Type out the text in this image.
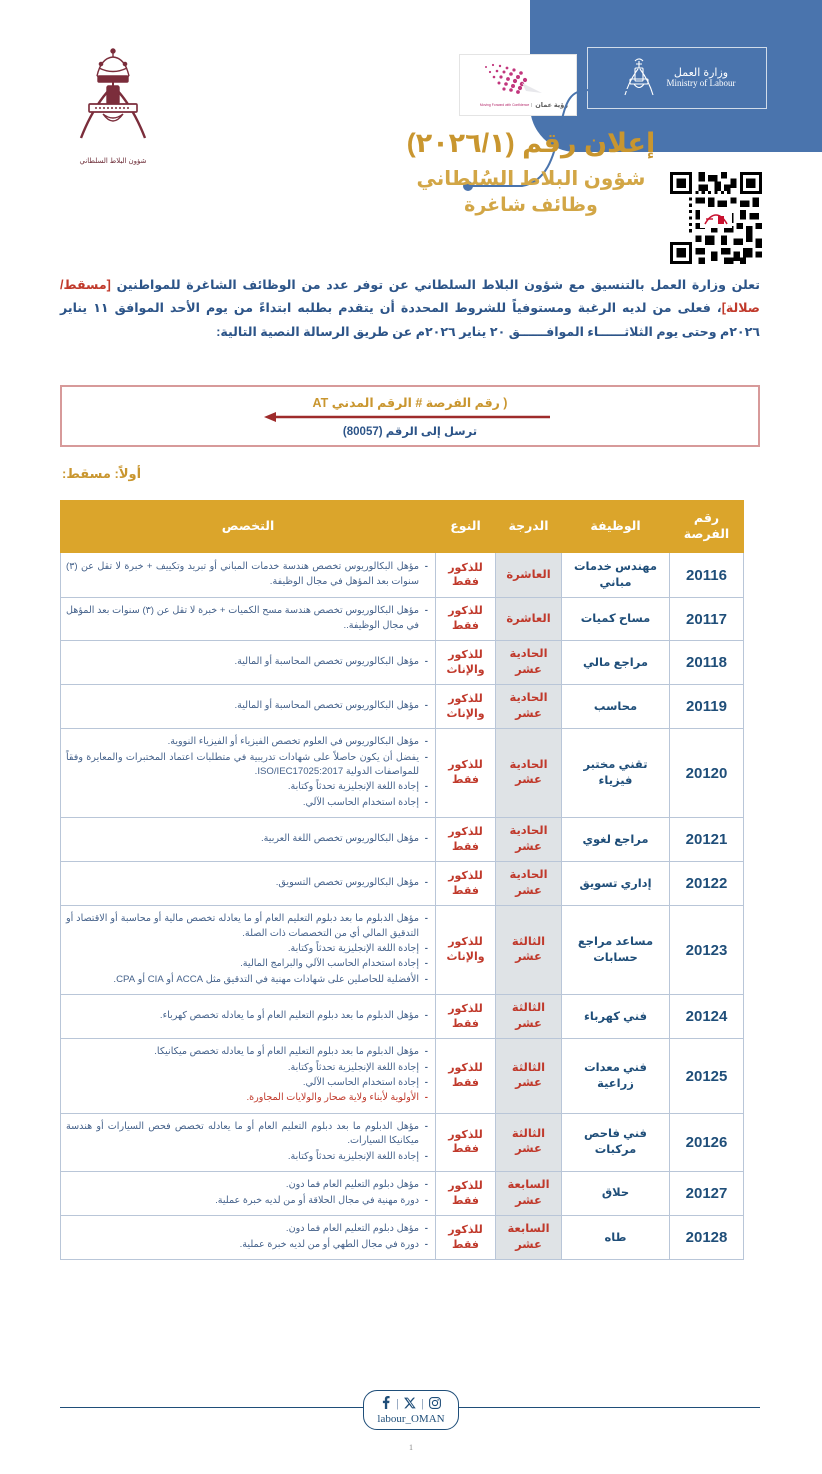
وزارة العمل
Ministry of Labour
رؤية عمان
Moving Forward with Confidence
شؤون البلاط السلطاني
إعلان رقم (٢٠٢٦/١)
شؤون البلاط السُلطاني
وظائف شاغرة
تعلن وزارة العمل بالتنسيق مع شؤون البلاط السلطاني عن توفر عدد من الوظائف الشاغرة للمواطنين [مسقط/صلالة]، فعلى من لديه الرغبة ومستوفياً للشروط المحددة أن يتقدم بطلبه ابتداءً من يوم الأحد الموافق ١١ يناير ٢٠٢٦م وحتى يوم الثلاثــــــاء الموافــــــق ٢٠ يناير ٢٠٢٦م عن طريق الرسالة النصية التالية:
( رقم الفرصة # الرقم المدني AT
ترسل إلى الرقم (80057)
أولاً: مسقط:
رقم الفرصة	الوظيفة	الدرجة	النوع	التخصص
20116	مهندس خدمات مباني	العاشرة	للذكور فقط	
- مؤهل البكالوريوس تخصص هندسة خدمات المباني أو تبريد وتكييف + خبرة لا تقل عن (٣) سنوات بعد المؤهل في مجال الوظيفة.

20117	مساح كميات	العاشرة	للذكور فقط	
- مؤهل البكالوريوس تخصص هندسة مسح الكميات + خبرة لا تقل عن (٣) سنوات بعد المؤهل في مجال الوظيفة..

20118	مراجع مالي	الحادية عشر	للذكور والإناث	
- مؤهل البكالوريوس تخصص المحاسبة أو المالية.

20119	محاسب	الحادية عشر	للذكور والإناث	
- مؤهل البكالوريوس تخصص المحاسبة أو المالية.

20120	تقني مختبر فيزياء	الحادية عشر	للذكور فقط	
- مؤهل البكالوريوس في العلوم تخصص الفيزياء أو الفيزياء النووية.
- يفضل أن يكون حاصلاً على شهادات تدريبية في متطلبات اعتماد المختبرات والمعايرة وفقاً للمواصفات الدولية ISO/IEC17025:2017.
- إجادة اللغة الإنجليزية تحدثاً وكتابة.
- إجادة استخدام الحاسب الآلي.

20121	مراجع لغوي	الحادية عشر	للذكور فقط	
- مؤهل البكالوريوس تخصص اللغة العربية.

20122	إداري تسويق	الحادية عشر	للذكور فقط	
- مؤهل البكالوريوس تخصص التسويق.

20123	مساعد مراجع حسابات	الثالثة عشر	للذكور والإناث	
- مؤهل الدبلوم ما بعد دبلوم التعليم العام أو ما يعادله تخصص مالية أو محاسبة أو الاقتصاد أو التدقيق المالي أي من التخصصات ذات الصلة.
- إجادة اللغة الإنجليزية تحدثاً وكتابة.
- إجادة استخدام الحاسب الآلي والبرامج المالية.
- الأفضلية للحاصلين على شهادات مهنية في التدقيق مثل ACCA أو CIA أو CPA.

20124	فني كهرباء	الثالثة عشر	للذكور فقط	
- مؤهل الدبلوم ما بعد دبلوم التعليم العام أو ما يعادله تخصص كهرباء.

20125	فني معدات زراعية	الثالثة عشر	للذكور فقط	
- مؤهل الدبلوم ما بعد دبلوم التعليم العام أو ما يعادله تخصص ميكانيكا.
- إجادة اللغة الإنجليزية تحدثاً وكتابة.
- إجادة استخدام الحاسب الآلي.
- الأولوية لأبناء ولاية صحار والولايات المجاورة.

20126	فني فاحص مركبات	الثالثة عشر	للذكور فقط	
- مؤهل الدبلوم ما بعد دبلوم التعليم العام أو ما يعادله تخصص فحص السيارات أو هندسة ميكانيكا السيارات.
- إجادة اللغة الإنجليزية تحدثاً وكتابة.

20127	حلاق	السابعة عشر	للذكور فقط	
- مؤهل دبلوم التعليم العام فما دون.
- دورة مهنية في مجال الحلاقة أو من لديه خبرة عملية.

20128	طاه	السابعة عشر	للذكور فقط	
- مؤهل دبلوم التعليم العام فما دون.
- دورة في مجال الطهي أو من لديه خبرة عملية.
| |
labour_OMAN
1
